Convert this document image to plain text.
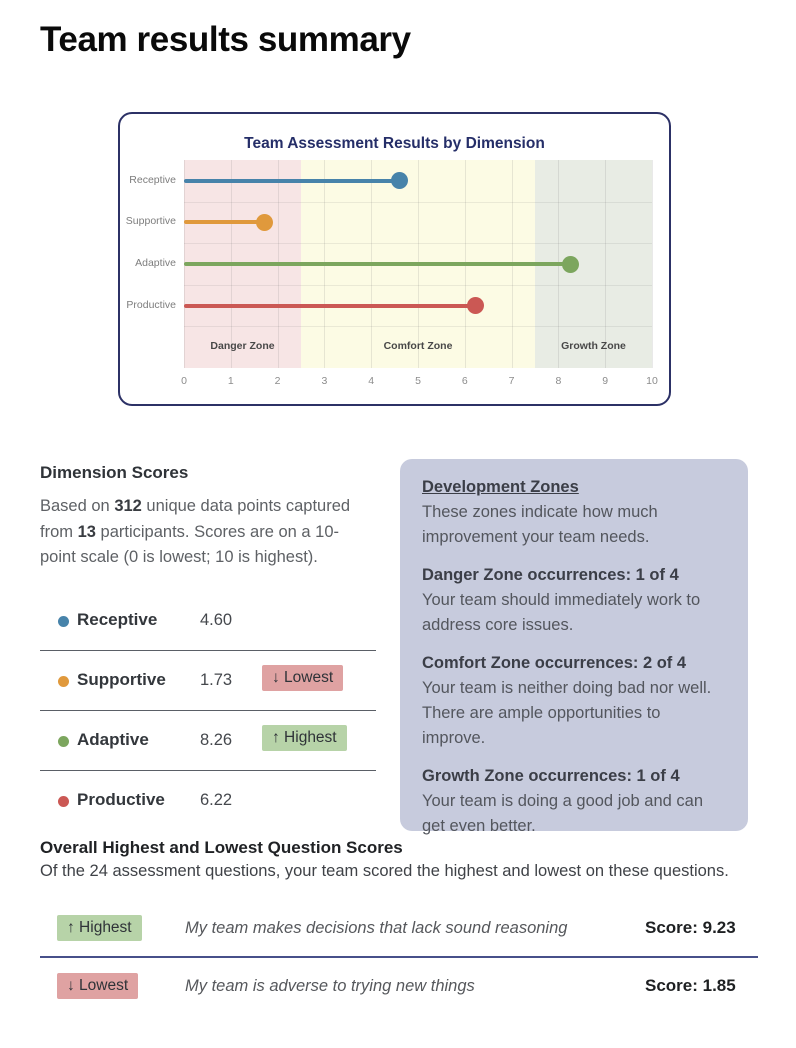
Team results summary
Team Assessment Results by Dimension
Danger Zone	Comfort Zone	Growth Zone
Receptive
Supportive
Adaptive
Productive
0	1	2	3	4	5	6	7	8	9	10
Dimension Scores

Based on 312 unique data points captured from 13 participants. Scores are on a 10-point scale (0 is lowest; 10 is highest).

Receptive	4.60
Supportive 1.73	↓ Lowest
Adaptive	8.26	↑ Highest
Productive 6.22
Development Zones

These zones indicate how much improvement your team needs.

Danger Zone occurrences: 1 of 4

Your team should immediately work to address core issues.

Comfort Zone occurrences: 2 of 4

Your team is neither doing bad nor well. There are ample opportunities to improve.

Growth Zone occurrences: 1 of 4

Your team is doing a good job and can get even better.

Overall Highest and Lowest Question Scores

Of the 24 assessment questions, your team scored the highest and lowest on these questions.

↑ Highest	My team makes decisions that lack sound reasoning	Score: 9.23
↓ Lowest	My team is adverse to trying new things	Score: 1.85
